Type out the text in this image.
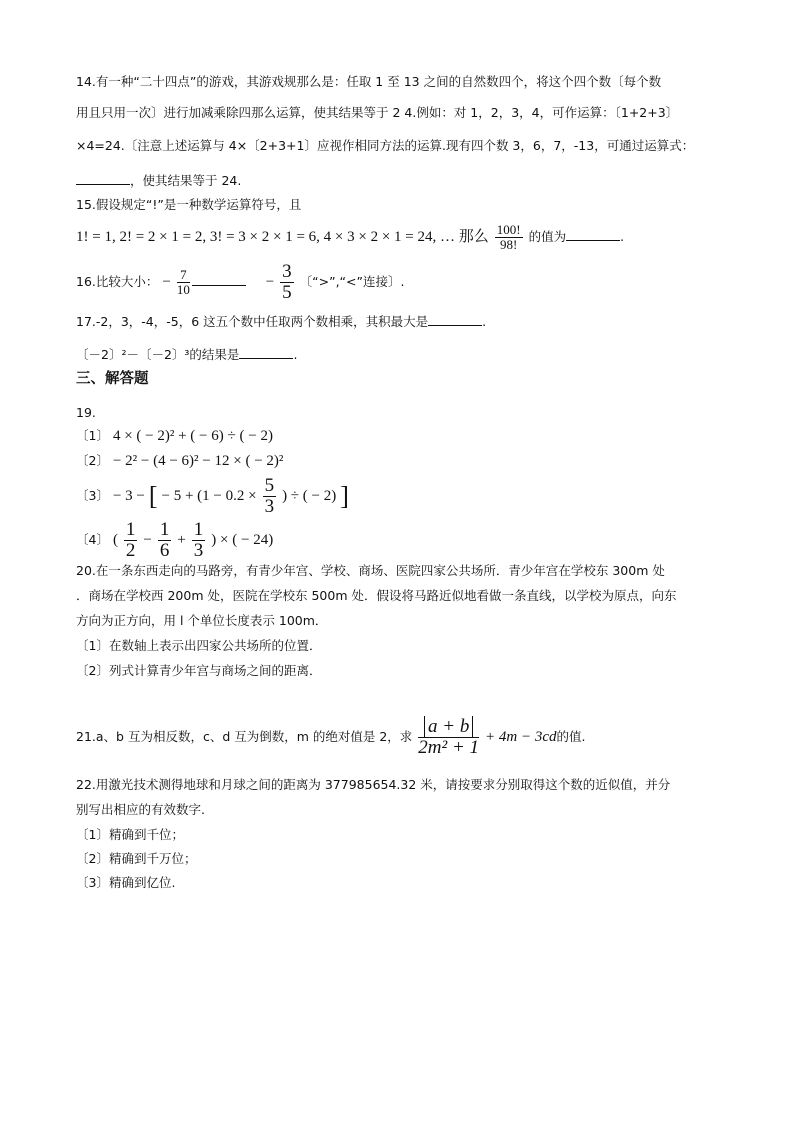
14.有一种“二十四点”的游戏，其游戏规那么是：任取 1 至 13 之间的自然数四个，将这个四个数〔每个数
用且只用一次〕进行加减乘除四那么运算，使其结果等于 2 4.例如：对 1，2，3，4，可作运算：〔1+2+3〕
×4=24.〔注意上述运算与 4×〔2+3+1〕应视作相同方法的运算.现有四个数 3，6，7，-13，可通过运算式：
，使其结果等于 24.
15.假设规定“!”是一种数学运算符号，且
1! = 1, 2! = 2 × 1 = 2, 3! = 3 × 2 × 1 = 6, 4 × 3 × 2 × 1 = 24, … 那么 $\frac{100!}{98!}$ 的值为	.
16.比较大小： − $\frac{7}{10}$	− $\frac{3}{5}$ 〔“>”,“<”连接〕.
17.-2，3，-4，-5，6 这五个数中任取两个数相乘，其积最大是	.
〔－2〕²－〔－2〕³的结果是	.
三、解答题
19.
〔1〕 4 × ( − 2)² + ( − 6) ÷ ( − 2)
〔2〕 − 2² − (4 − 6)² − 12 × ( − 2)²
〔3〕 − 3 − [ − $5 + (1 - 0.2 \times \frac{5}{3}$ ) ÷ ( − 2) ]
〔4〕 ( $\frac{1}{2} - \frac{1}{6} + \frac{1}{3}$ ) × ( − 24)
20.在一条东西走向的马路旁，有青少年宫、学校、商场、医院四家公共场所．青少年宫在学校东 300m 处
．商场在学校西 200m 处，医院在学校东 500m 处．假设将马路近似地看做一条直线，以学校为原点，向东
方向为正方向，用 l 个单位长度表示 100m．
〔1〕在数轴上表示出四家公共场所的位置．
〔2〕列式计算青少年宫与商场之间的距离．
21.a、b 互为相反数，c、d 互为倒数，m 的绝对值是 2，求 $\frac{a + b}{\text{2m² + 1}} + 4m - 3cd$的值.
22.用激光技术测得地球和月球之间的距离为 377985654.32 米，请按要求分别取得这个数的近似值，并分
别写出相应的有效数字.
〔1〕精确到千位；
〔2〕精确到千万位；
〔3〕精确到亿位.
